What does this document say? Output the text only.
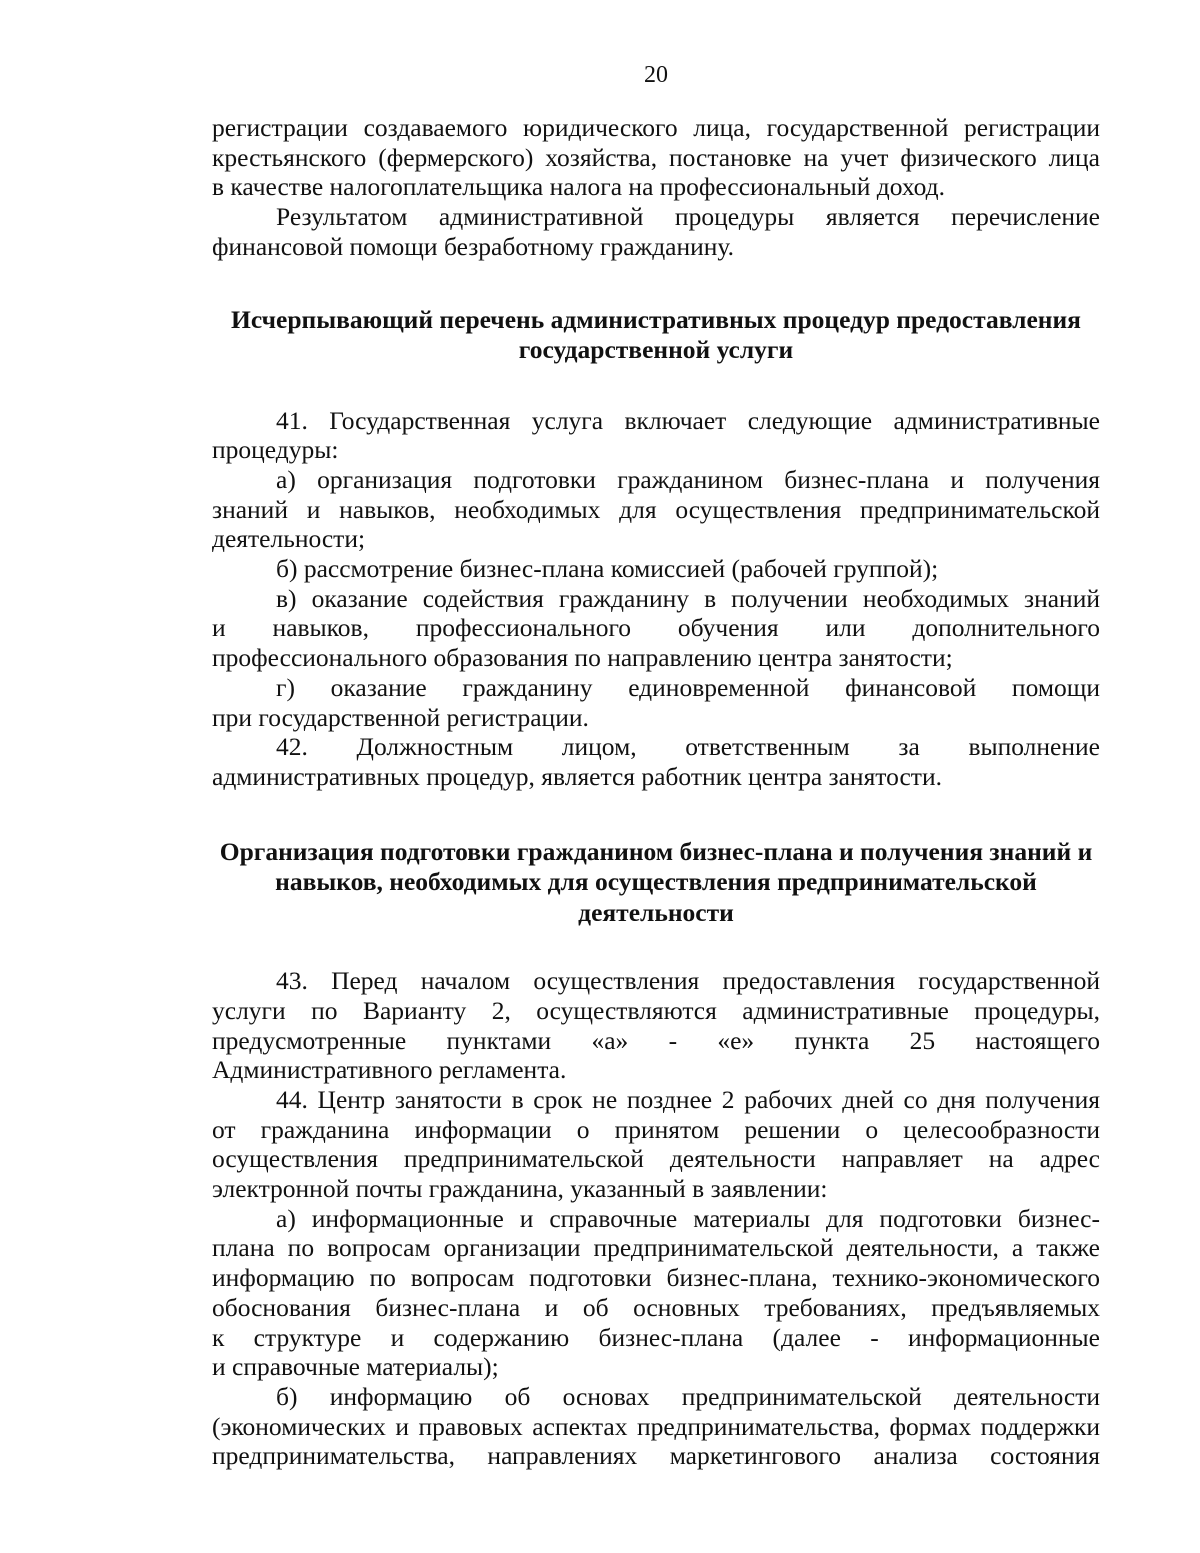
20
регистрации создаваемого юридического лица, государственной регистрации
крестьянского (фермерского) хозяйства, постановке на учет физического лица
в качестве налогоплательщика налога на профессиональный доход.
Результатом административной процедуры является перечисление
финансовой помощи безработному гражданину.
Исчерпывающий перечень административных процедур предоставления
государственной услуги
41. Государственная услуга включает следующие административные
процедуры:
а) организация подготовки гражданином бизнес-плана и получения
знаний и навыков, необходимых для осуществления предпринимательской
деятельности;
б) рассмотрение бизнес-плана комиссией (рабочей группой);
в) оказание содействия гражданину в получении необходимых знаний
и навыков, профессионального обучения или дополнительного
профессионального образования по направлению центра занятости;
г) оказание гражданину единовременной финансовой помощи
при государственной регистрации.
42. Должностным лицом, ответственным за выполнение
административных процедур, является работник центра занятости.
Организация подготовки гражданином бизнес-плана и получения знаний и
навыков, необходимых для осуществления предпринимательской
деятельности
43. Перед началом осуществления предоставления государственной
услуги по Варианту 2, осуществляются административные процедуры,
предусмотренные пунктами «а» - «е» пункта 25 настоящего
Административного регламента.
44. Центр занятости в срок не позднее 2 рабочих дней со дня получения
от гражданина информации о принятом решении о целесообразности
осуществления предпринимательской деятельности направляет на адрес
электронной почты гражданина, указанный в заявлении:
а) информационные и справочные материалы для подготовки бизнес-
плана по вопросам организации предпринимательской деятельности, а также
информацию по вопросам подготовки бизнес-плана, технико-экономического
обоснования бизнес-плана и об основных требованиях, предъявляемых
к структуре и содержанию бизнес-плана (далее - информационные
и справочные материалы);
б) информацию об основах предпринимательской деятельности
(экономических и правовых аспектах предпринимательства, формах поддержки
предпринимательства, направлениях маркетингового анализа состояния
